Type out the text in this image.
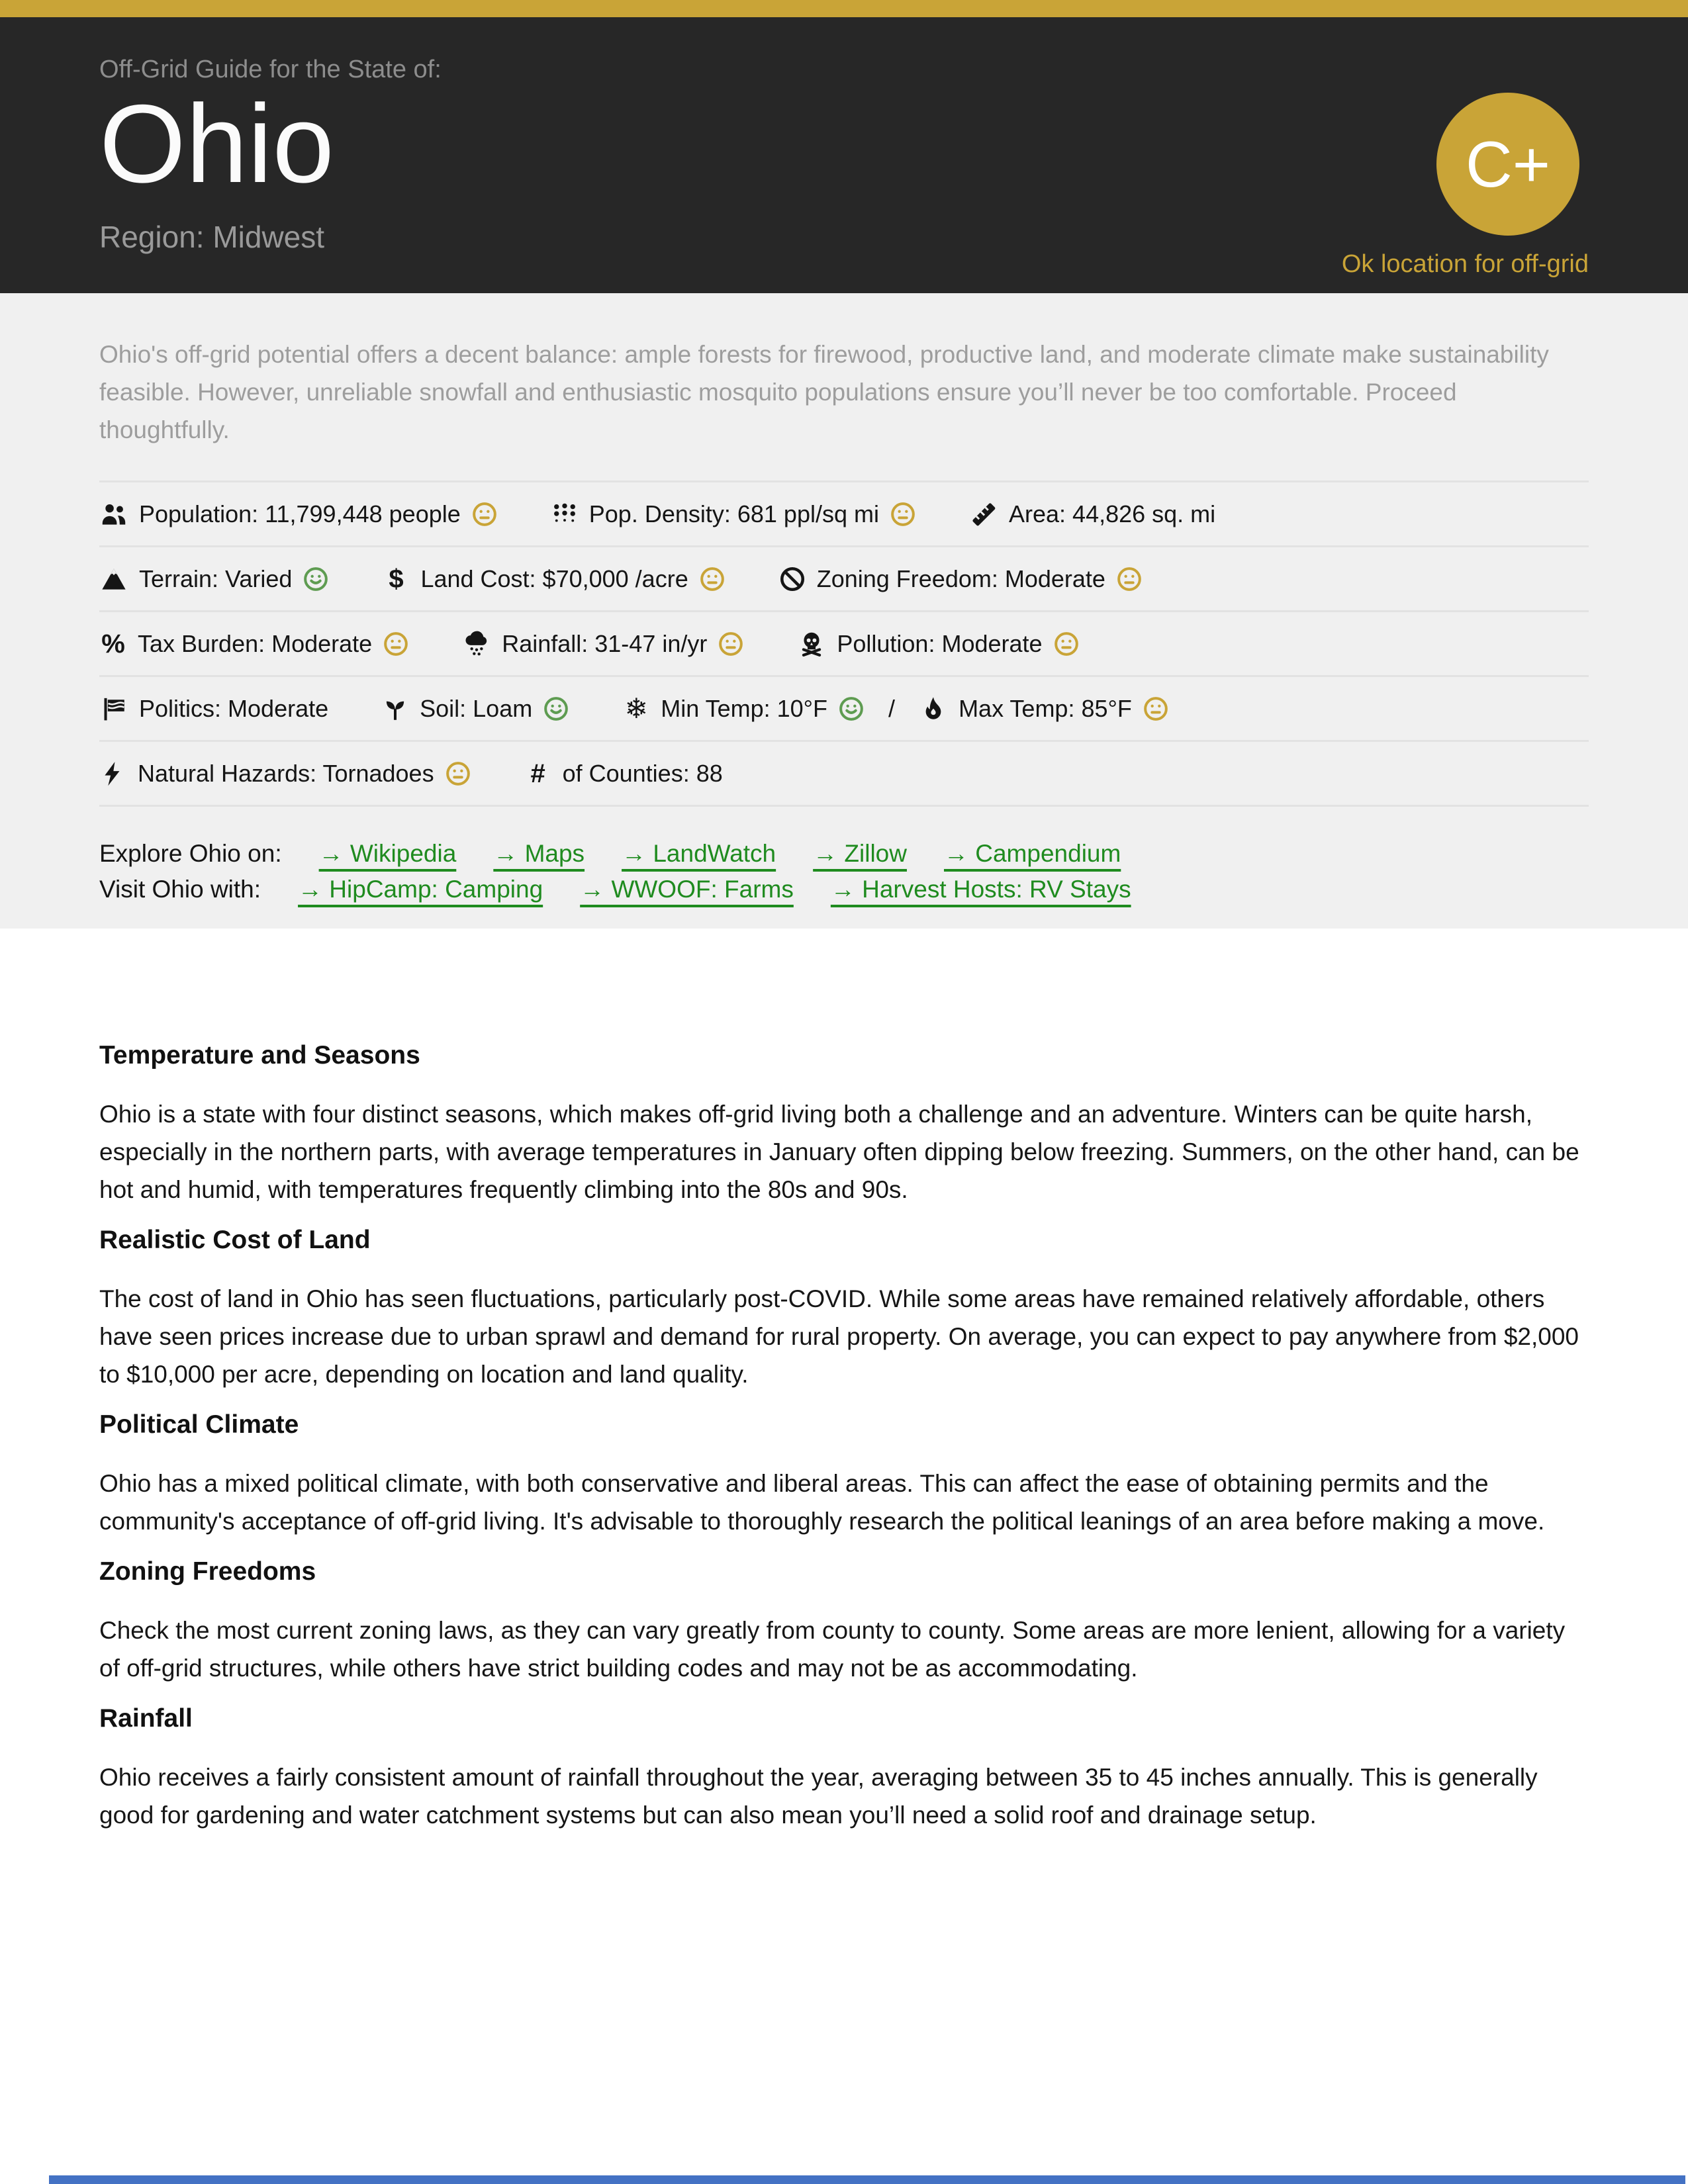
Off-Grid Guide for the State of:
Ohio
Region: Midwest
C+
Ok location for off-grid

Ohio's off-grid potential offers a decent balance: ample forests for firewood, productive land, and moderate climate make sustainability feasible. However, unreliable snowfall and enthusiastic mosquito populations ensure you’ll never be too comfortable. Proceed thoughtfully.

Population: 11,799,448 people	Pop. Density: 681 ppl/sq mi	Area: 44,826 sq. mi
Terrain: Varied	$ Land Cost: $70,000 /acre	Zoning Freedom: Moderate
% Tax Burden: Moderate	Rainfall: 31-47 in/yr	Pollution: Moderate
Politics: Moderate	Soil: Loam	❄ Min Temp: 10°F	/	Max Temp: 85°F
Natural Hazards: Tornadoes	# of Counties: 88
Explore Ohio on: → Wikipedia → Maps → LandWatch → Zillow → Campendium
Visit Ohio with: → HipCamp: Camping → WWOOF: Farms → Harvest Hosts: RV Stays
Temperature and Seasons

Ohio is a state with four distinct seasons, which makes off-grid living both a challenge and an adventure. Winters can be quite harsh, especially in the northern parts, with average temperatures in January often dipping below freezing. Summers, on the other hand, can be hot and humid, with temperatures frequently climbing into the 80s and 90s.

Realistic Cost of Land

The cost of land in Ohio has seen fluctuations, particularly post-COVID. While some areas have remained relatively affordable, others have seen prices increase due to urban sprawl and demand for rural property. On average, you can expect to pay anywhere from $2,000 to $10,000 per acre, depending on location and land quality.

Political Climate

Ohio has a mixed political climate, with both conservative and liberal areas. This can affect the ease of obtaining permits and the community's acceptance of off-grid living. It's advisable to thoroughly research the political leanings of an area before making a move.

Zoning Freedoms

Check the most current zoning laws, as they can vary greatly from county to county. Some areas are more lenient, allowing for a variety of off-grid structures, while others have strict building codes and may not be as accommodating.

Rainfall

Ohio receives a fairly consistent amount of rainfall throughout the year, averaging between 35 to 45 inches annually. This is generally good for gardening and water catchment systems but can also mean you’ll need a solid roof and drainage setup.
